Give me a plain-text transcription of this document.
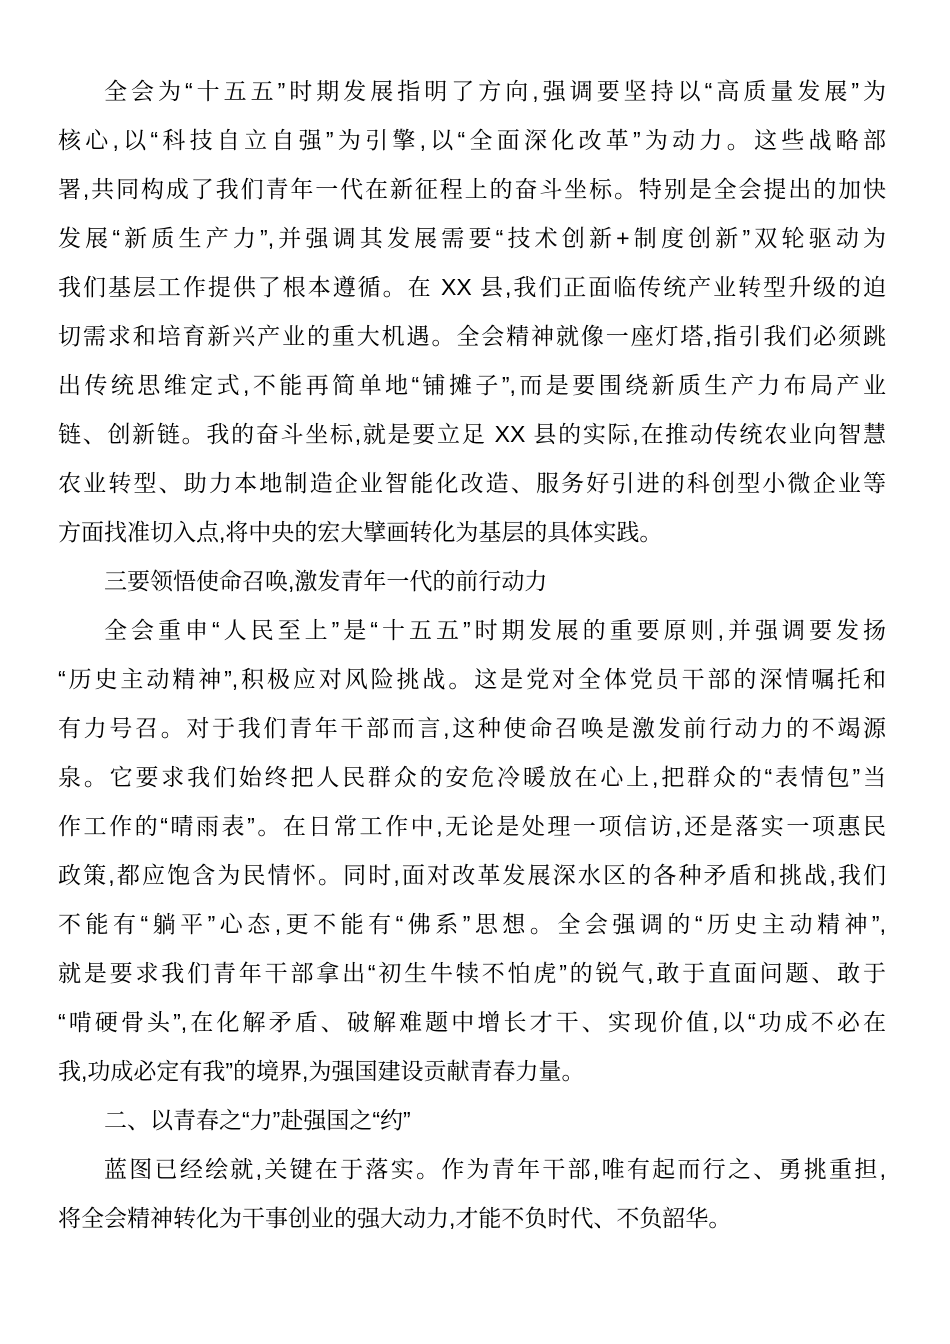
全会为“十五五”时期发展指明了方向,强调要坚持以“高质量发展”为
核心,以“科技自立自强”为引擎,以“全面深化改革”为动力。这些战略部
署,共同构成了我们青年一代在新征程上的奋斗坐标。特别是全会提出的加快
发展“新质生产力”,并强调其发展需要“技术创新+制度创新”双轮驱动为
我们基层工作提供了根本遵循。在 XX 县,我们正面临传统产业转型升级的迫
切需求和培育新兴产业的重大机遇。全会精神就像一座灯塔,指引我们必须跳
出传统思维定式,不能再简单地“铺摊子”,而是要围绕新质生产力布局产业
链、创新链。我的奋斗坐标,就是要立足 XX 县的实际,在推动传统农业向智慧
农业转型、助力本地制造企业智能化改造、服务好引进的科创型小微企业等
方面找准切入点,将中央的宏大擘画转化为基层的具体实践。
三要领悟使命召唤,激发青年一代的前行动力
全会重申“人民至上”是“十五五”时期发展的重要原则,并强调要发扬
“历史主动精神”,积极应对风险挑战。这是党对全体党员干部的深情嘱托和
有力号召。对于我们青年干部而言,这种使命召唤是激发前行动力的不竭源
泉。它要求我们始终把人民群众的安危冷暖放在心上,把群众的“表情包”当
作工作的“晴雨表”。在日常工作中,无论是处理一项信访,还是落实一项惠民
政策,都应饱含为民情怀。同时,面对改革发展深水区的各种矛盾和挑战,我们
不能有“躺平”心态,更不能有“佛系”思想。全会强调的“历史主动精神”,
就是要求我们青年干部拿出“初生牛犊不怕虎”的锐气,敢于直面问题、敢于
“啃硬骨头”,在化解矛盾、破解难题中增长才干、实现价值,以“功成不必在
我,功成必定有我”的境界,为强国建设贡献青春力量。
二、以青春之“力”赴强国之“约”
蓝图已经绘就,关键在于落实。作为青年干部,唯有起而行之、勇挑重担,
将全会精神转化为干事创业的强大动力,才能不负时代、不负韶华。
